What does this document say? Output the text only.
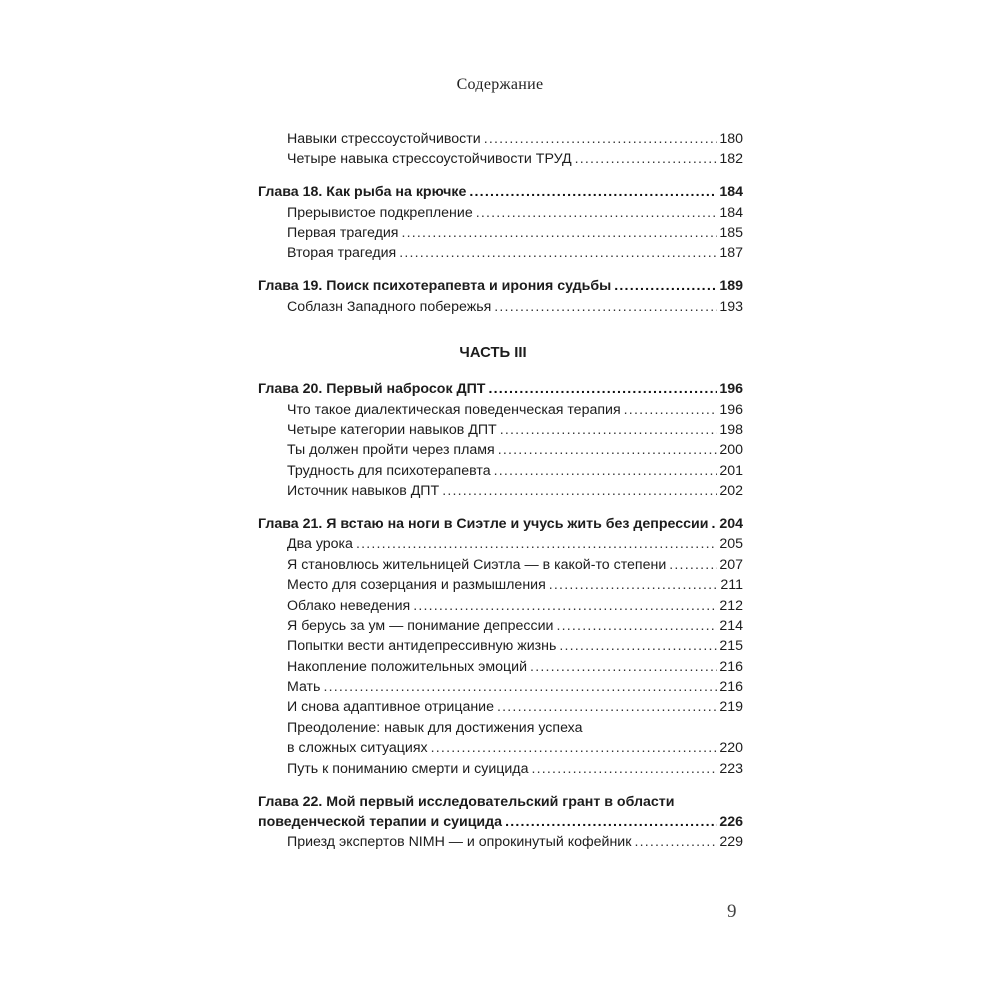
Содержание
Навыки стрессоустойчивости .....	180
Четыре навыка стрессоустойчивости ТРУД .....	182
Глава 18. Как рыба на крючке .....	184
Прерывистое подкрепление .....	184
Первая трагедия .....	185
Вторая трагедия .....	187
Глава 19. Поиск психотерапевта и ирония судьбы .....	189
Соблазн Западного побережья .....	193
ЧАСТЬ III
Глава 20. Первый набросок ДПТ .....	196
Что такое диалектическая поведенческая терапия .....	196
Четыре категории навыков ДПТ .....	198
Ты должен пройти через пламя .....	200
Трудность для психотерапевта .....	201
Источник навыков ДПТ .....	202
Глава 21. Я встаю на ноги в Сиэтле и учусь жить без депрессии ..... 204
Два урока .....	205
Я становлюсь жительницей Сиэтла — в какой-то степени .....	207
Место для созерцания и размышления .....	211
Облако неведения .....	212
Я берусь за ум — понимание депрессии .....	214
Попытки вести антидепрессивную жизнь .....	215
Накопление положительных эмоций .....	216
Мать .....	216
И снова адаптивное отрицание .....	219
Преодоление: навык для достижения успеха
в сложных ситуациях .....	220
Путь к пониманию смерти и суицида .....	223
Глава 22. Мой первый исследовательский грант в области
поведенческой терапии и суицида .....	226
Приезд экспертов NIMH — и опрокинутый кофейник .....	229
9
